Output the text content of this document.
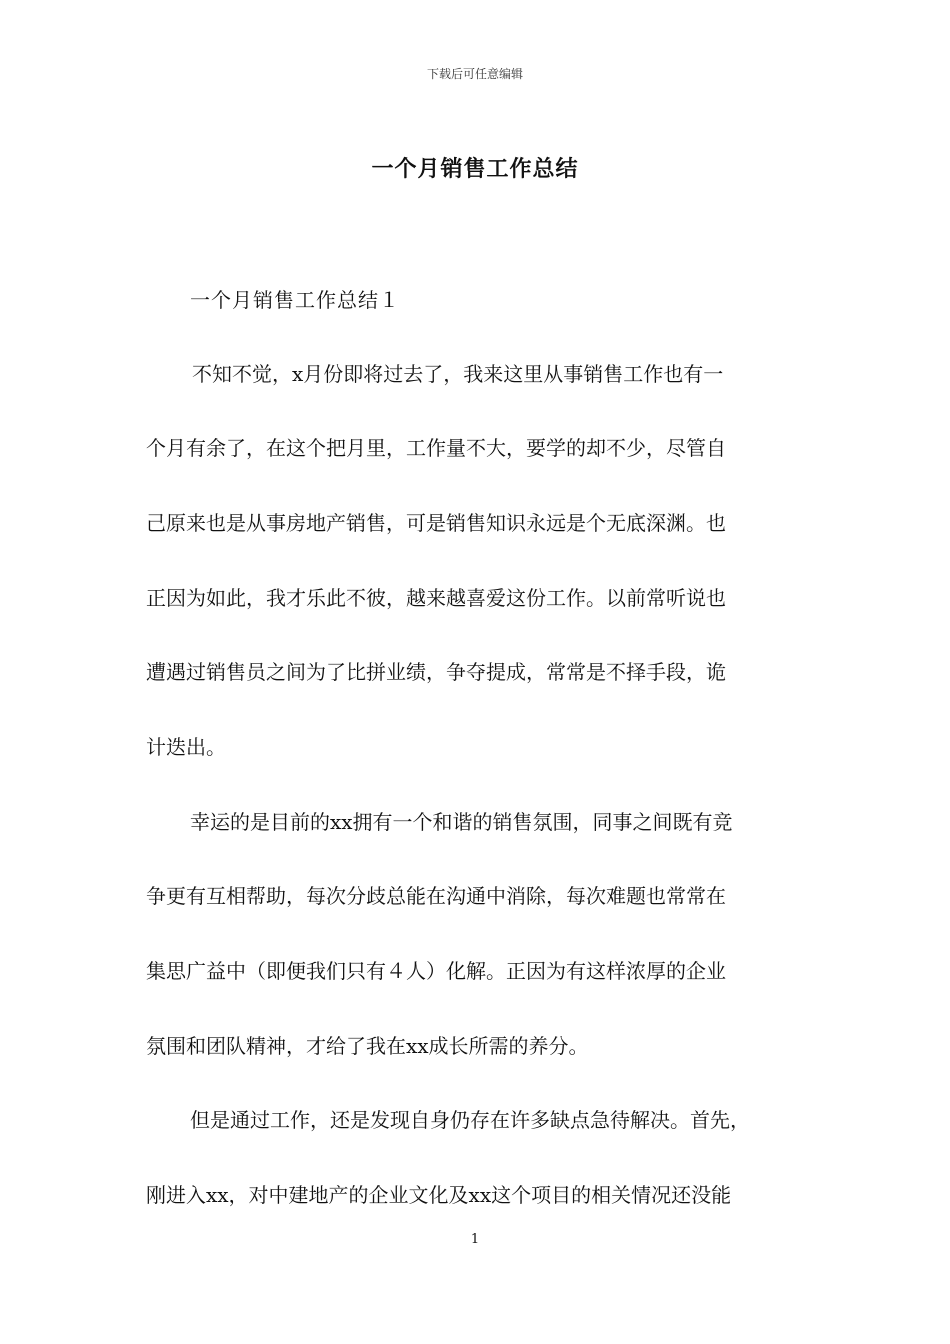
下载后可任意编辑
一个月销售工作总结
一个月销售工作总结１
不知不觉，x月份即将过去了，我来这里从事销售工作也有一
个月有余了，在这个把月里，工作量不大，要学的却不少，尽管自
己原来也是从事房地产销售，可是销售知识永远是个无底深渊。也
正因为如此，我才乐此不彼，越来越喜爱这份工作。以前常听说也
遭遇过销售员之间为了比拼业绩，争夺提成，常常是不择手段，诡
计迭出。
幸运的是目前的xx拥有一个和谐的销售氛围，同事之间既有竞
争更有互相帮助，每次分歧总能在沟通中消除，每次难题也常常在
集思广益中（即便我们只有４人）化解。正因为有这样浓厚的企业
氛围和团队精神，才给了我在xx成长所需的养分。
但是通过工作，还是发现自身仍存在许多缺点急待解决。首先，
刚进入xx，对中建地产的企业文化及xx这个项目的相关情况还没能
1
